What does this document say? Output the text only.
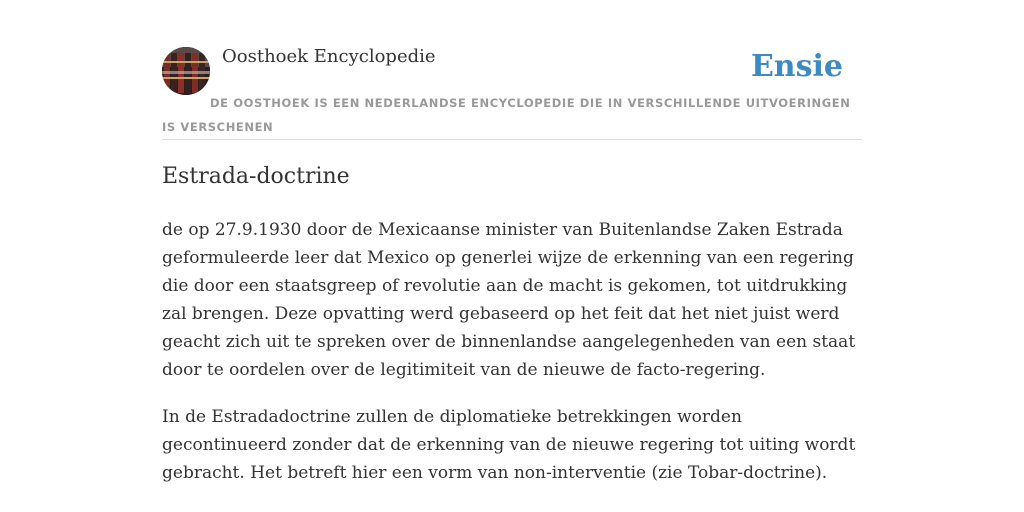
Oosthoek Encyclopedie	Ensie
DE OOSTHOEK IS EEN NEDERLANDSE ENCYCLOPEDIE DIE IN VERSCHILLENDE UITVOERINGEN IS VERSCHENEN
Estrada-doctrine

de op 27.9.1930 door de Mexicaanse minister van Buitenlandse Zaken Estrada geformuleerde leer dat Mexico op generlei wijze de erkenning van een regering die door een staatsgreep of revolutie aan de macht is gekomen, tot uitdrukking zal brengen. Deze opvatting werd gebaseerd op het feit dat het niet juist werd geacht zich uit te spreken over de binnenlandse aangelegenheden van een staat door te oordelen over de legitimiteit van de nieuwe de facto-regering.

In de Estradadoctrine zullen de diplomatieke betrekkingen worden gecontinueerd zonder dat de erkenning van de nieuwe regering tot uiting wordt gebracht. Het betreft hier een vorm van non-interventie (zie Tobar-doctrine).
